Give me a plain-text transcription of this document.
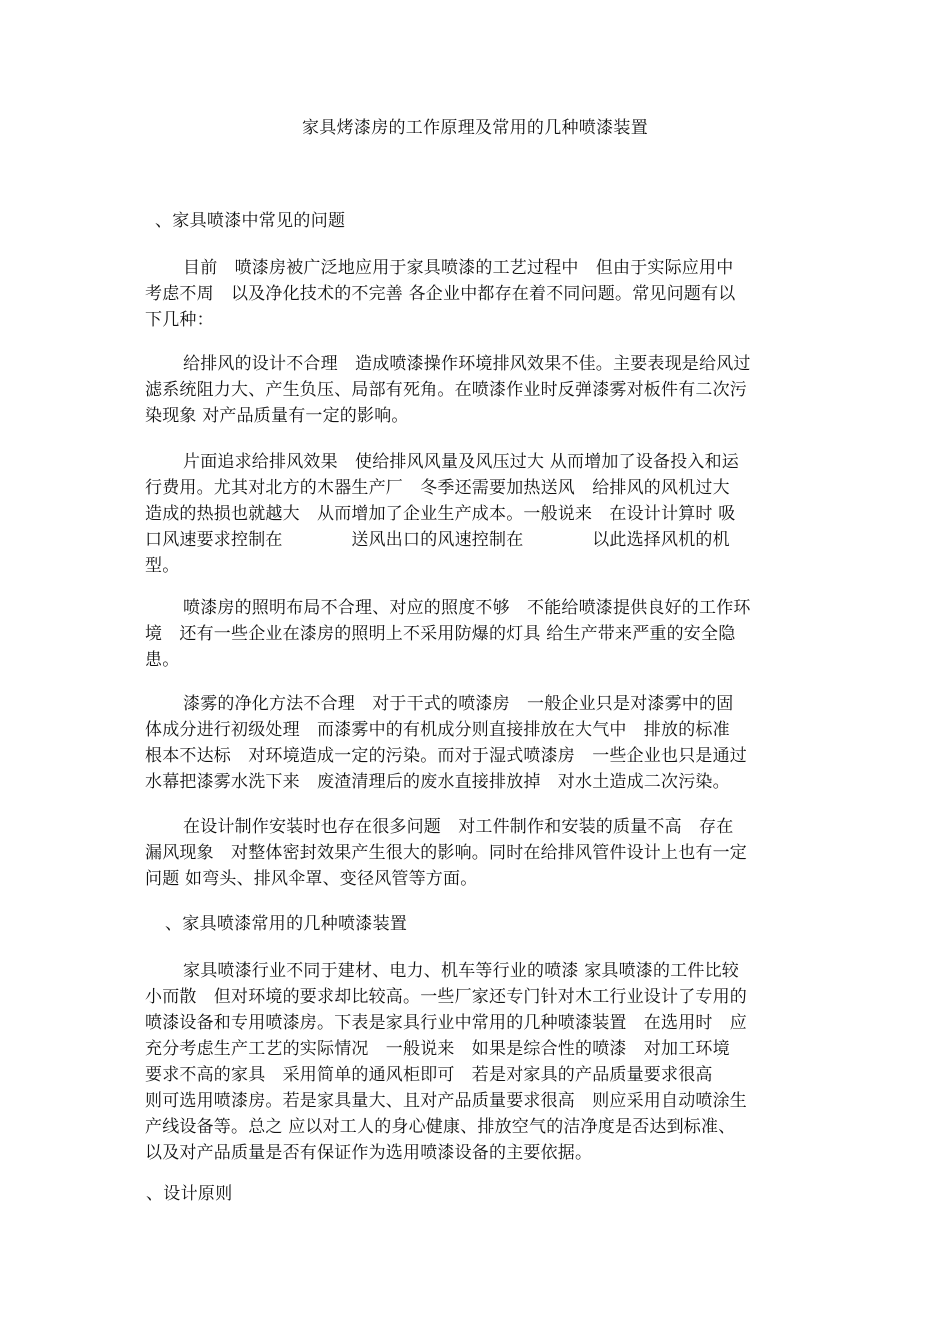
家具烤漆房的工作原理及常用的几种喷漆装置
、家具喷漆中常见的问题
目前　喷漆房被广泛地应用于家具喷漆的工艺过程中　但由于实际应用中
考虑不周　以及净化技术的不完善 各企业中都存在着不同问题。常见问题有以
下几种：
给排风的设计不合理　造成喷漆操作环境排风效果不佳。主要表现是给风过
滤系统阻力大、产生负压、局部有死角。在喷漆作业时反弹漆雾对板件有二次污
染现象 对产品质量有一定的影响。
片面追求给排风效果　使给排风风量及风压过大 从而增加了设备投入和运
行费用。尤其对北方的木器生产厂　冬季还需要加热送风　给排风的风机过大
造成的热损也就越大　从而增加了企业生产成本。一般说来　在设计计算时 吸
口风速要求控制在　　　　送风出口的风速控制在　　　　以此选择风机的机
型。
喷漆房的照明布局不合理、对应的照度不够　不能给喷漆提供良好的工作环
境　还有一些企业在漆房的照明上不采用防爆的灯具 给生产带来严重的安全隐
患。
漆雾的净化方法不合理　对于干式的喷漆房　一般企业只是对漆雾中的固
体成分进行初级处理　而漆雾中的有机成分则直接排放在大气中　排放的标准
根本不达标　对环境造成一定的污染。而对于湿式喷漆房　一些企业也只是通过
水幕把漆雾水洗下来　废渣清理后的废水直接排放掉　对水土造成二次污染。
在设计制作安装时也存在很多问题　对工件制作和安装的质量不高　存在
漏风现象　对整体密封效果产生很大的影响。同时在给排风管件设计上也有一定
问题 如弯头、排风伞罩、变径风管等方面。
、家具喷漆常用的几种喷漆装置
家具喷漆行业不同于建材、电力、机车等行业的喷漆 家具喷漆的工件比较
小而散　但对环境的要求却比较高。一些厂家还专门针对木工行业设计了专用的
喷漆设备和专用喷漆房。下表是家具行业中常用的几种喷漆装置　在选用时　应
充分考虑生产工艺的实际情况　一般说来　如果是综合性的喷漆　对加工环境
要求不高的家具　采用简单的通风柜即可　若是对家具的产品质量要求很高
则可选用喷漆房。若是家具量大、且对产品质量要求很高　则应采用自动喷涂生
产线设备等。总之 应以对工人的身心健康、排放空气的洁净度是否达到标准、
以及对产品质量是否有保证作为选用喷漆设备的主要依据。
、设计原则
